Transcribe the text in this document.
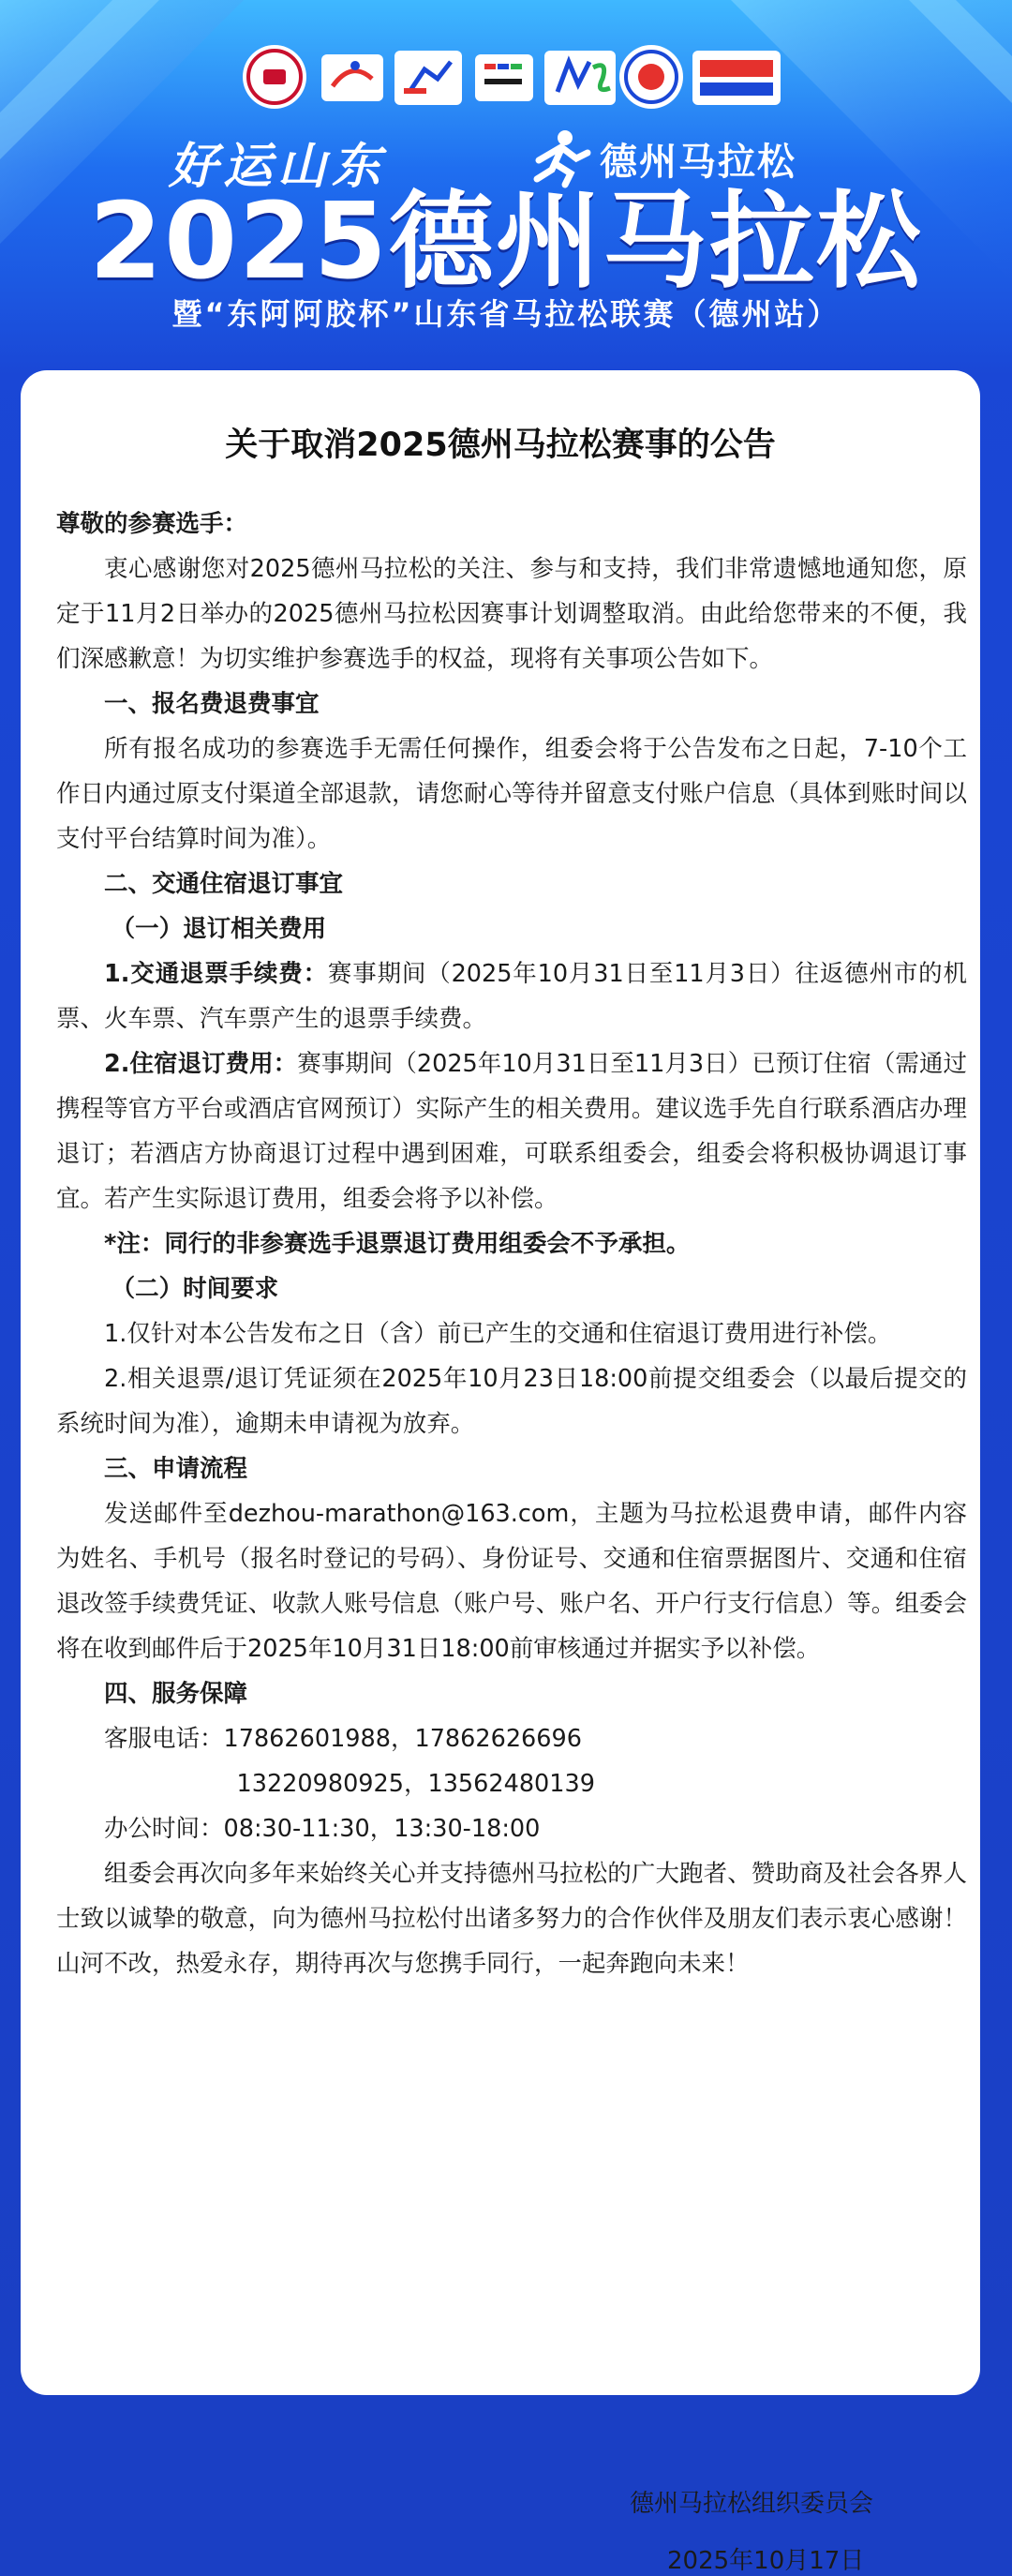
好运山东	德州马拉松
2025德州马拉松
暨“东阿阿胶杯”山东省马拉松联赛（德州站）
关于取消2025德州马拉松赛事的公告

尊敬的参赛选手：

衷心感谢您对2025德州马拉松的关注、参与和支持，我们非常遗憾地通知您，原定于11月2日举办的2025德州马拉松因赛事计划调整取消。由此给您带来的不便，我们深感歉意！为切实维护参赛选手的权益，现将有关事项公告如下。

一、报名费退费事宜

所有报名成功的参赛选手无需任何操作，组委会将于公告发布之日起，7-10个工作日内通过原支付渠道全部退款，请您耐心等待并留意支付账户信息（具体到账时间以支付平台结算时间为准）。

二、交通住宿退订事宜

（一）退订相关费用

1.交通退票手续费：赛事期间（2025年10月31日至11月3日）往返德州市的机票、火车票、汽车票产生的退票手续费。

2.住宿退订费用：赛事期间（2025年10月31日至11月3日）已预订住宿（需通过携程等官方平台或酒店官网预订）实际产生的相关费用。建议选手先自行联系酒店办理退订；若酒店方协商退订过程中遇到困难，可联系组委会，组委会将积极协调退订事宜。若产生实际退订费用，组委会将予以补偿。

*注：同行的非参赛选手退票退订费用组委会不予承担。

（二）时间要求

1.仅针对本公告发布之日（含）前已产生的交通和住宿退订费用进行补偿。

2.相关退票/退订凭证须在2025年10月23日18:00前提交组委会（以最后提交的系统时间为准），逾期未申请视为放弃。

三、申请流程

发送邮件至dezhou-marathon@163.com，主题为马拉松退费申请，邮件内容为姓名、手机号（报名时登记的号码）、身份证号、交通和住宿票据图片、交通和住宿退改签手续费凭证、收款人账号信息（账户号、账户名、开户行支行信息）等。组委会将在收到邮件后于2025年10月31日18:00前审核通过并据实予以补偿。

四、服务保障

客服电话：17862601988，17862626696

13220980925，13562480139

办公时间：08:30-11:30，13:30-18:00

组委会再次向多年来始终关心并支持德州马拉松的广大跑者、赞助商及社会各界人士致以诚挚的敬意，向为德州马拉松付出诸多努力的合作伙伴及朋友们表示衷心感谢！山河不改，热爱永存，期待再次与您携手同行，一起奔跑向未来！

德州马拉松组织委员会
2025年10月17日
